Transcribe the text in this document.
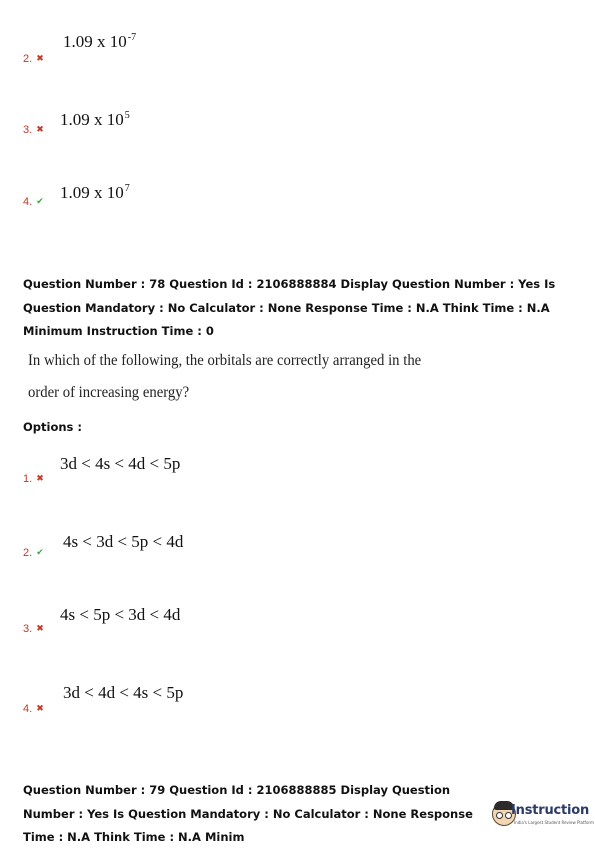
1.09 x $10^{-7}$
2. ✖
1.09 x $10^5$
3. ✖
1.09 x $10^7$
4. ✔
Question Number : 78 Question Id : 2106888884 Display Question Number : Yes Is Question Mandatory : No Calculator : None Response Time : N.A Think Time : N.A Minimum Instruction Time : 0
In which of the following, the orbitals are correctly arranged in the order of increasing energy?
Options :
3d < 4s < 4d < 5p
1. ✖
4s < 3d < 5p < 4d
2. ✔
4s < 5p < 3d < 4d
3. ✖
3d < 4d < 4s < 5p
4. ✖
Question Number : 79 Question Id : 2106888885 Display Question Number : Yes Is Question Mandatory : No Calculator : None Response Time : N.A Think Time : N.A Minim
Instruction
India's Largest Student Review Platform
